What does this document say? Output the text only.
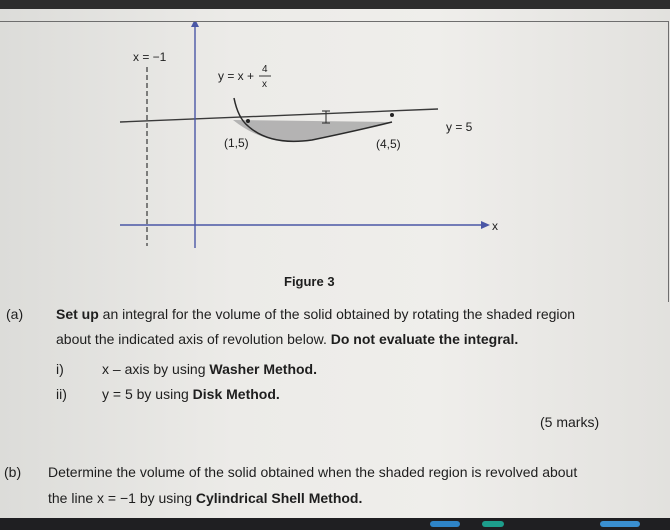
x = −1
y = x + 4
x
y = 5
(1,5)	(4,5)
x
Figure 3
(a) Set up an integral for the volume of the solid obtained by rotating the shaded region
about the indicated axis of revolution below. Do not evaluate the integral.
i)	x – axis by using Washer Method.
ii)	y = 5 by using Disk Method.
(5 marks)
(b) Determine the volume of the solid obtained when the shaded region is revolved about
the line x = −1 by using Cylindrical Shell Method.
